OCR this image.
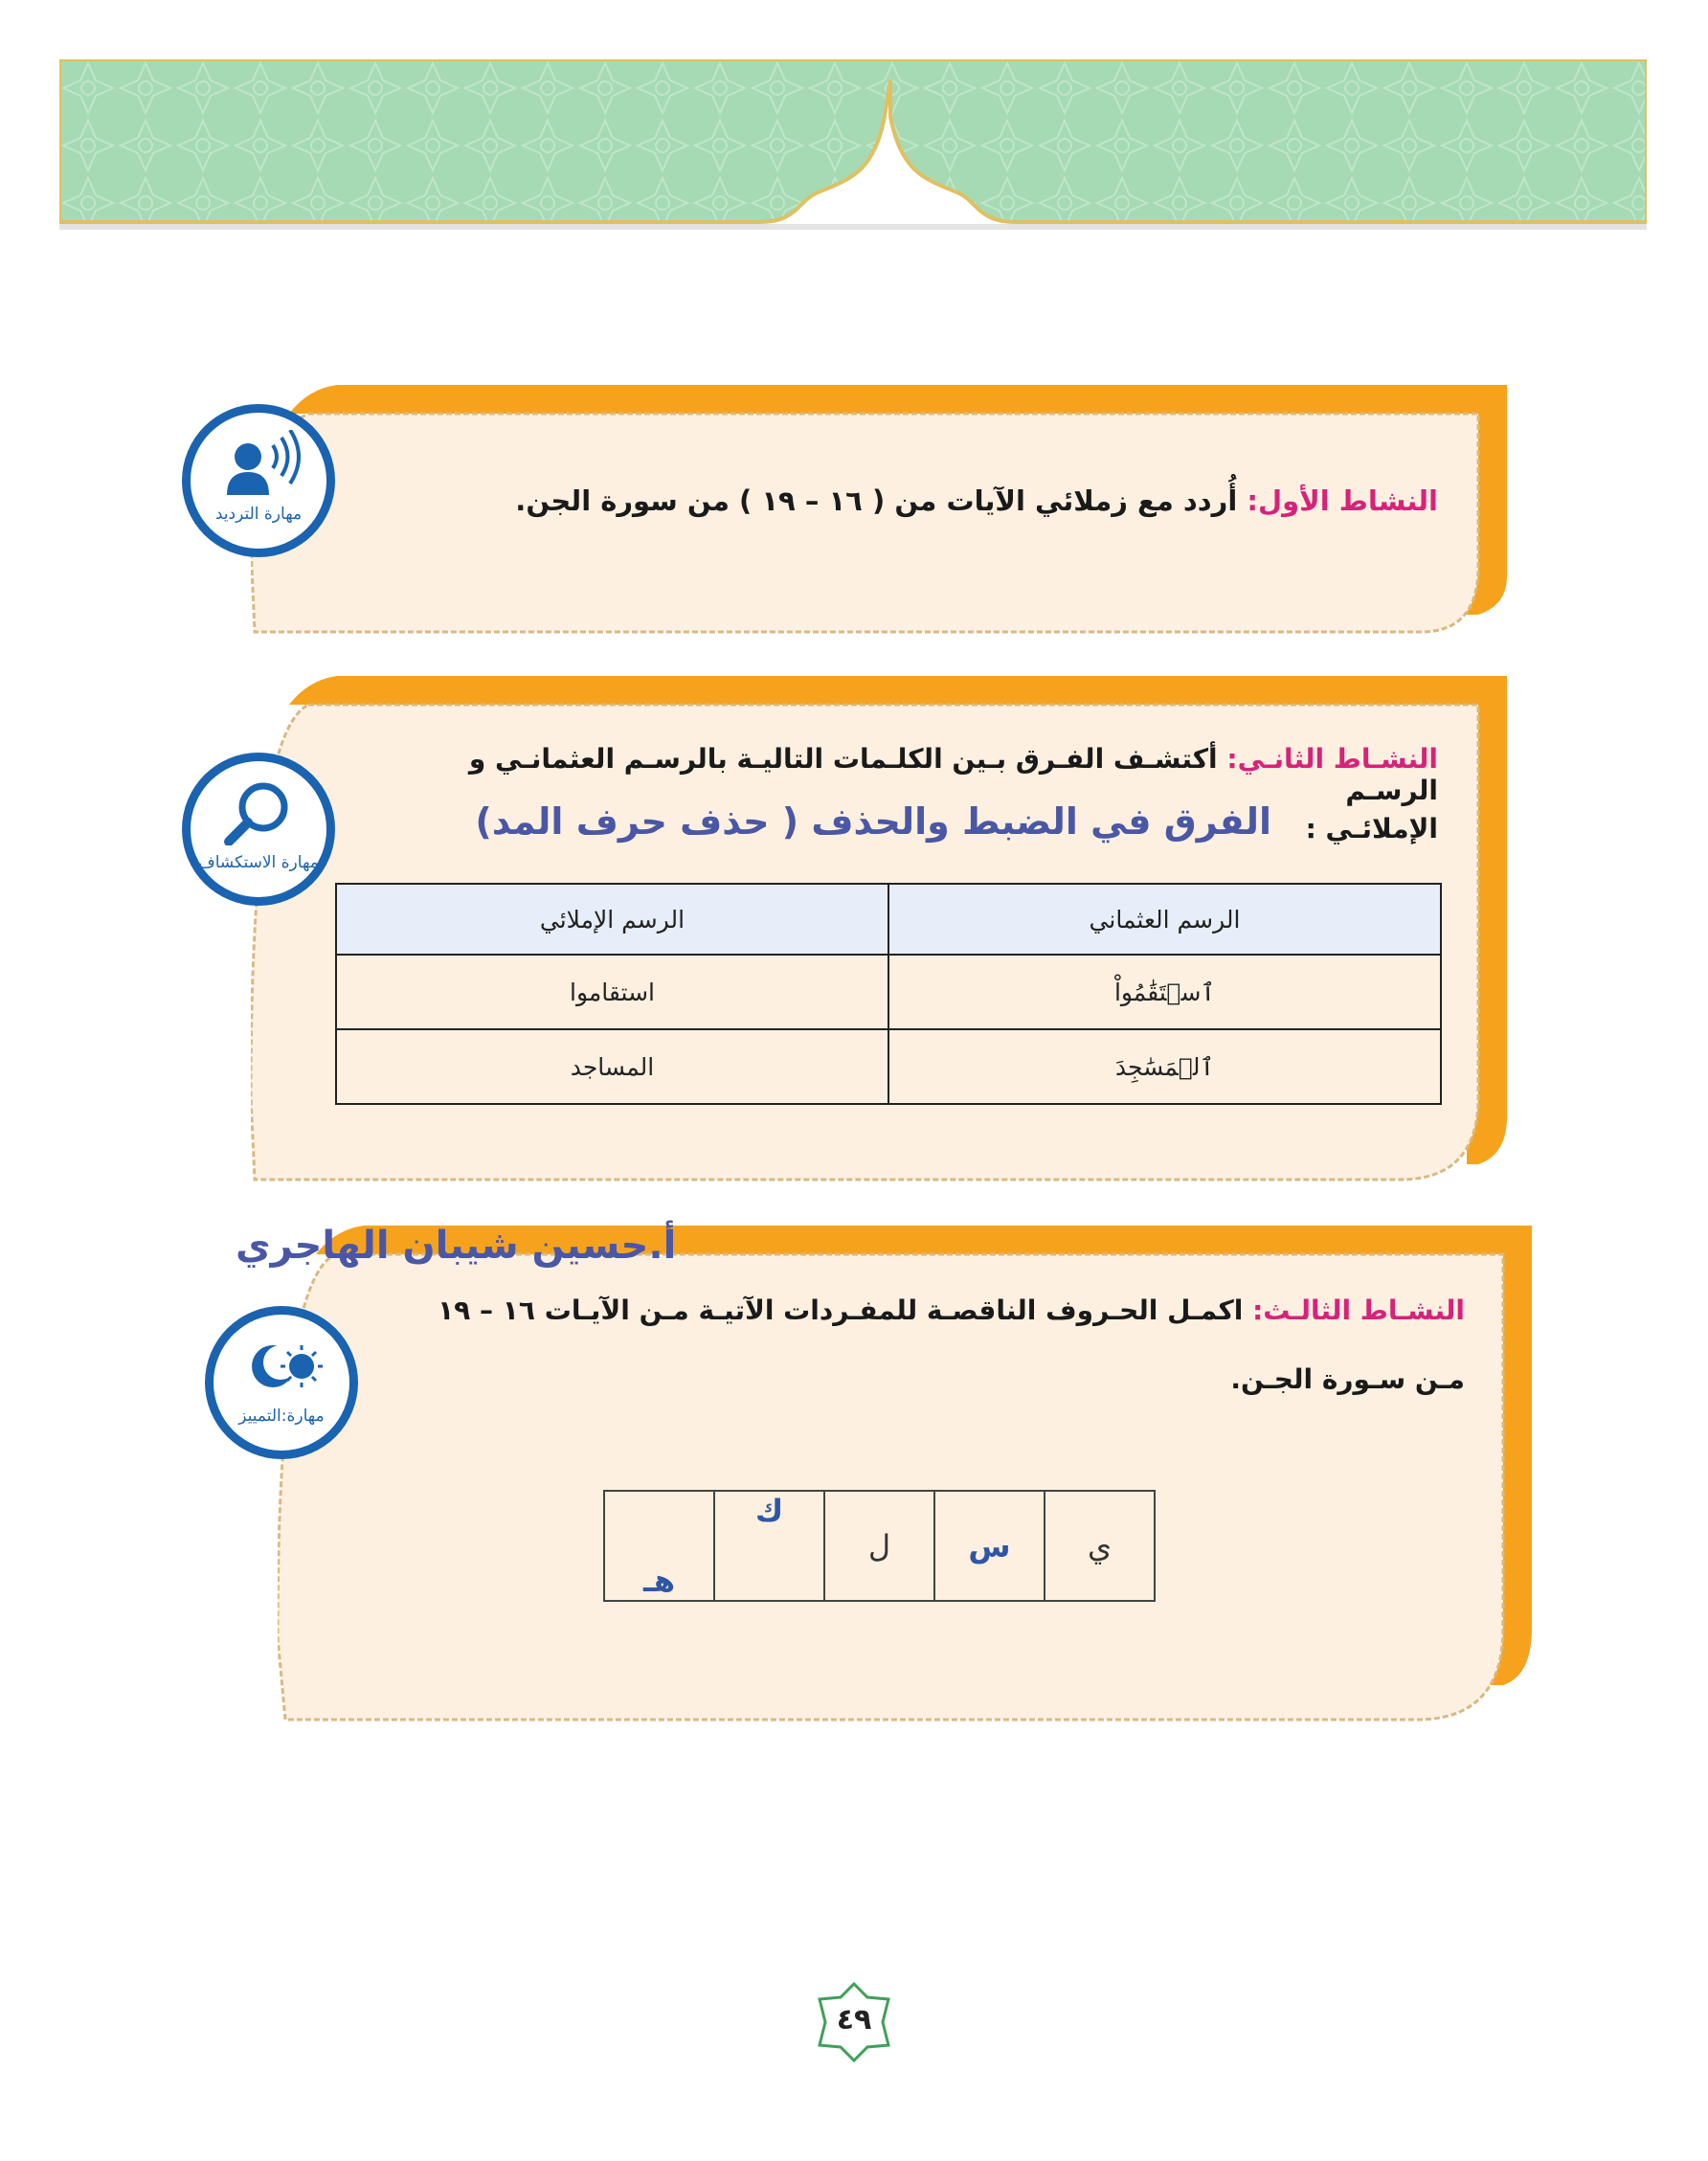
النشاط الأول: أُردد مع زملائي الآيات من ( ١٦ – ١٩ ) من سورة الجن.
مهارة الترديد
النشـاط الثانـي: أكتشـف الفـرق بـين الكلـمات التاليـة بالرسـم العثمانـي و الرسـم
الإملائـي :
الفرق في الضبط والحذف ( حذف حرف المد)
مهارة الاستكشاف
الرسم العثماني	الرسم الإملائي
ٱسۡتَقَٰمُواْ	استقاموا
ٱلۡمَسَٰجِدَ	المساجد
النشـاط الثالـث: اكمـل الحـروف الناقصـة للمفـردات الآتيـة مـن الآيـات ١٦ – ١٩
مـن سـورة الجـن.
أ.حسين شيبان الهاجري
مهارة:التمييز
ي	س	ل	ك	هـ
٤٩
